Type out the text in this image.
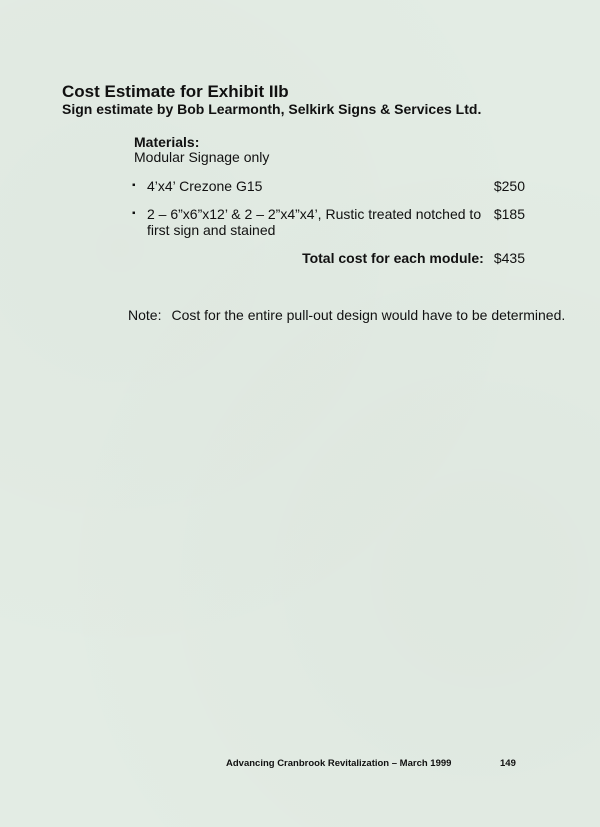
Cost Estimate for Exhibit IIb
Sign estimate by Bob Learmonth, Selkirk Signs & Services Ltd.
Materials:
Modular Signage only
▪ 4’x4’ Crezone G15	$250
▪ 2 – 6”x6”x12’ & 2 – 2”x4”x4’, Rustic treated notched to first sign and stained
$185
Total cost for each module: $435
Note: Cost for the entire pull-out design would have to be determined.
Advancing Cranbrook Revitalization – March 1999	149
